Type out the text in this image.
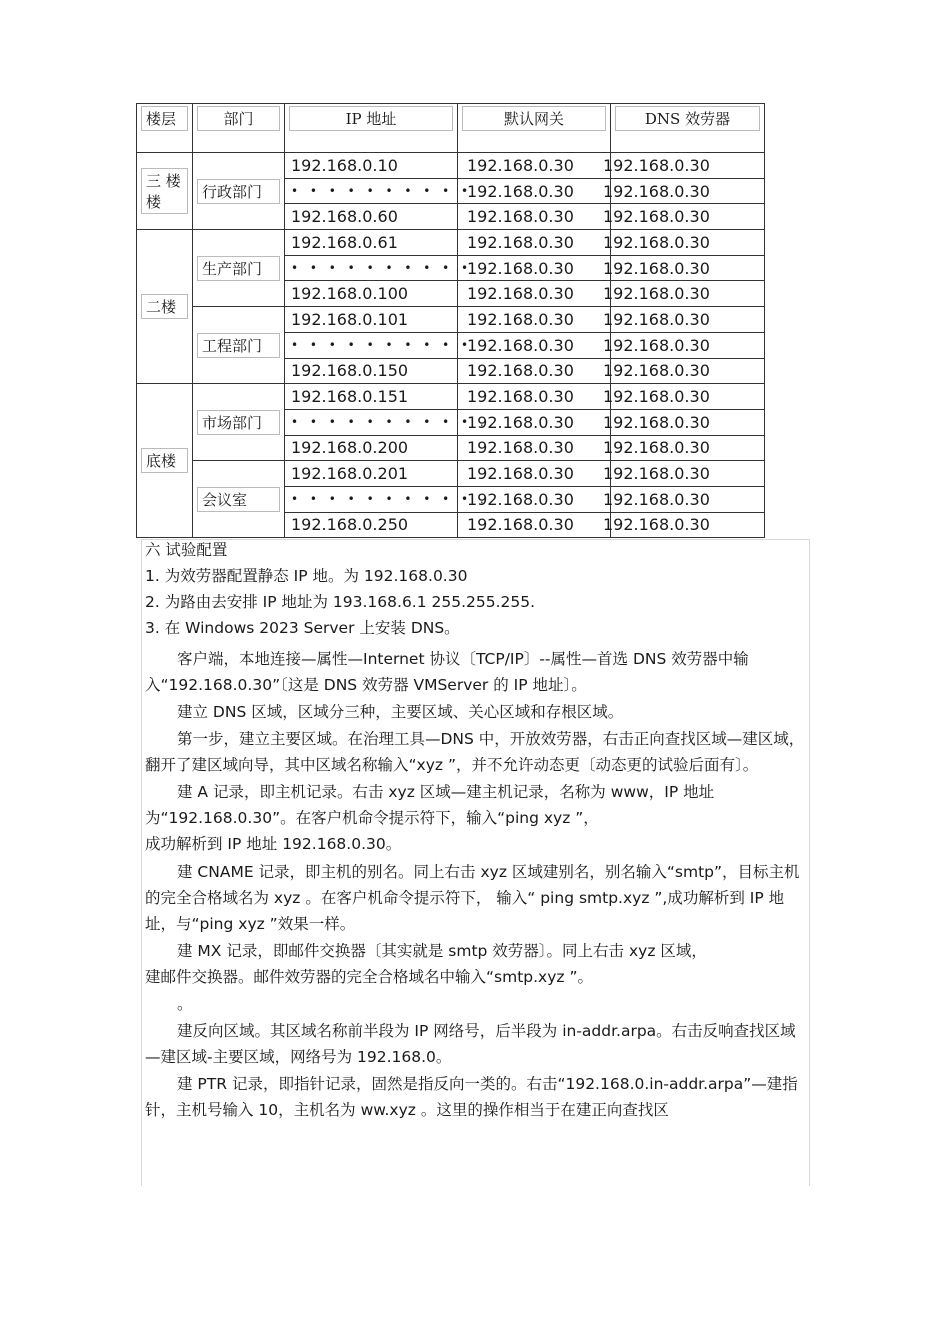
楼层	部门	IP 地址	默认网关	DNS 效劳器

三 楼
楼	行政部门	192.168.0.10	192.168.0.30	192.168.0.30
		• • • • • • • • • •	192.168.0.30	192.168.0.30
		192.168.0.60	192.168.0.30	192.168.0.30

二楼	生产部门	192.168.0.61	192.168.0.30	192.168.0.30
		• • • • • • • • • •	192.168.0.30	192.168.0.30
		192.168.0.100	192.168.0.30	192.168.0.30

	工程部门	192.168.0.101	192.168.0.30	192.168.0.30
		• • • • • • • • • •	192.168.0.30	192.168.0.30
		192.168.0.150	192.168.0.30	192.168.0.30

底楼	市场部门	192.168.0.151	192.168.0.30	192.168.0.30
		• • • • • • • • • • .	192.168.0.30	192.168.0.30
		192.168.0.200	192.168.0.30	192.168.0.30

	会议室	192.168.0.201	192.168.0.30	192.168.0.30
		• • • • • • • • • • .	192.168.0.30	192.168.0.30
		192.168.0.250	192.168.0.30	192.168.0.30

六 试验配置

1. 为效劳器配置静态 IP 地。为 192.168.0.30

2. 为路由去安排 IP 地址为 193.168.6.1 255.255.255.

3. 在 Windows 2023 Server 上安装 DNS。

客户端，本地连接—属性—Internet 协议〔TCP/IP〕--属性—首选 DNS 效劳器中输入“192.168.0.30”〔这是 DNS 效劳器 VMServer 的 IP 地址〕。

建立 DNS 区域，区域分三种，主要区域、关心区域和存根区域。

第一步，建立主要区域。在治理工具—DNS 中，开放效劳器，右击正向查找区域—建区域，翻开了建区域向导，其中区域名称输入“xyz ”，并不允许动态更〔动态更的试验后面有〕。

建 A 记录，即主机记录。右击 xyz 区域—建主机记录，名称为 www，IP 地址为“192.168.0.30”。在客户机命令提示符下，输入“ping xyz ”，

成功解析到 IP 地址 192.168.0.30。

建 CNAME 记录，即主机的别名。同上右击 xyz 区域建别名，别名输入“smtp”，目标主机的完全合格域名为 xyz 。在客户机命令提示符下， 输入“ ping smtp.xyz ”,成功解析到 IP 地址，与“ping xyz ”效果一样。

建 MX 记录，即邮件交换器〔其实就是 smtp 效劳器〕。同上右击 xyz 区域，

建邮件交换器。邮件效劳器的完全合格域名中输入“smtp.xyz ”。

。

建反向区域。其区域名称前半段为 IP 网络号，后半段为 in-addr.arpa。右击反响查找区域—建区域-主要区域，网络号为 192.168.0。

建 PTR 记录，即指针记录，固然是指反向一类的。右击“192.168.0.in-addr.arpa”—建指针，主机号输入 10，主机名为 ww.xyz 。这里的操作相当于在建正向查找区
